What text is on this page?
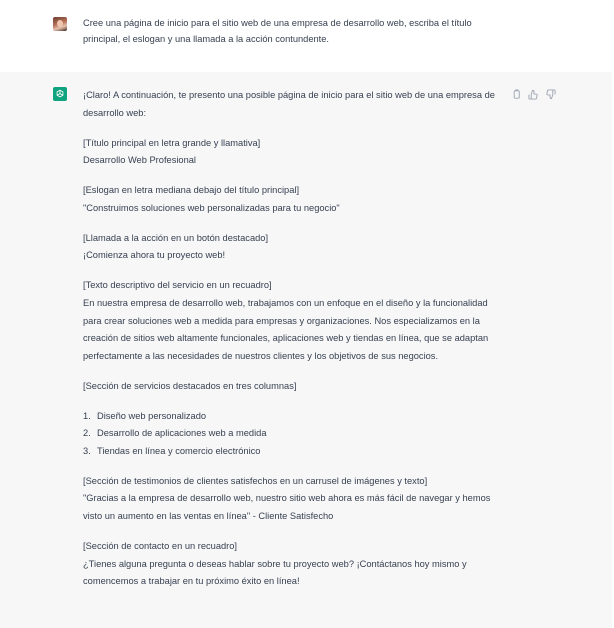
Cree una página de inicio para el sitio web de una empresa de desarrollo web, escriba el título principal, el eslogan y una llamada a la acción contundente.

¡Claro! A continuación, te presento una posible página de inicio para el sitio web de una empresa de desarrollo web:

[Título principal en letra grande y llamativa]

Desarrollo Web Profesional

[Eslogan en letra mediana debajo del título principal]

"Construimos soluciones web personalizadas para tu negocio"

[Llamada a la acción en un botón destacado]

¡Comienza ahora tu proyecto web!

[Texto descriptivo del servicio en un recuadro]

En nuestra empresa de desarrollo web, trabajamos con un enfoque en el diseño y la funcionalidad para crear soluciones web a medida para empresas y organizaciones. Nos especializamos en la creación de sitios web altamente funcionales, aplicaciones web y tiendas en línea, que se adaptan perfectamente a las necesidades de nuestros clientes y los objetivos de sus negocios.

[Sección de servicios destacados en tres columnas]

1. Diseño web personalizado
2. Desarrollo de aplicaciones web a medida
3. Tiendas en línea y comercio electrónico

[Sección de testimonios de clientes satisfechos en un carrusel de imágenes y texto]

"Gracias a la empresa de desarrollo web, nuestro sitio web ahora es más fácil de navegar y hemos visto un aumento en las ventas en línea" - Cliente Satisfecho

[Sección de contacto en un recuadro]

¿Tienes alguna pregunta o deseas hablar sobre tu proyecto web? ¡Contáctanos hoy mismo y comencemos a trabajar en tu próximo éxito en línea!
